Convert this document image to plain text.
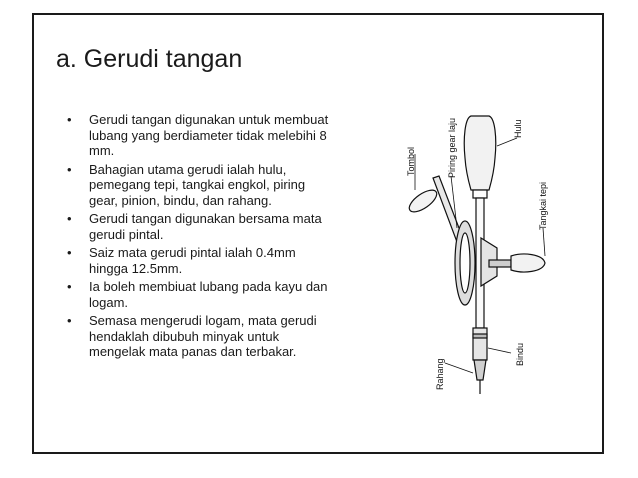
a. Gerudi tangan
• Gerudi tangan digunakan untuk membuat lubang yang berdiameter tidak melebihi 8 mm.
• Bahagian utama gerudi ialah hulu, pemegang tepi, tangkai engkol, piring gear, pinion, bindu, dan rahang.
• Gerudi tangan digunakan bersama mata gerudi pintal.
• Saiz mata gerudi pintal ialah 0.4mm hingga 12.5mm.
• Ia boleh membiuat lubang pada kayu dan logam.
• Semasa mengerudi logam, mata gerudi hendaklah dibubuh minyak untuk mengelak mata panas dan terbakar.
Tombol	Piring gear laju	Hulu
Tangkai tepi
Bindu
Rahang
